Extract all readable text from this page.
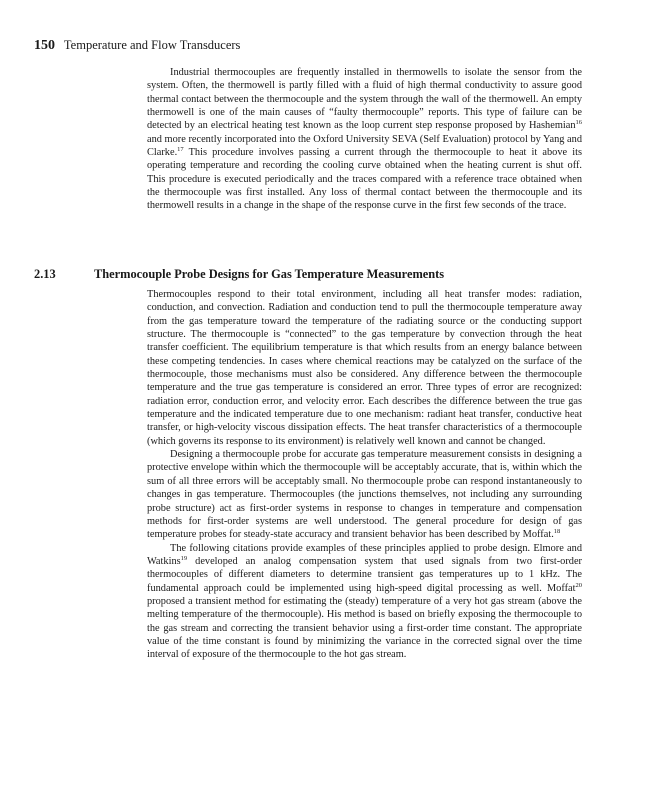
150 Temperature and Flow Transducers

Industrial thermocouples are frequently installed in thermowells to isolate the sensor from the system. Often, the thermowell is partly filled with a fluid of high thermal conductivity to assure good thermal contact between the thermocouple and the system through the wall of the thermowell. An empty thermowell is one of the main causes of “faulty thermocouple” reports. This type of failure can be detected by an electrical heating test known as the loop current step response proposed by Hashemian$^{16}$ and more recently incorporated into the Oxford University SEVA (Self Evaluation) protocol by Yang and Clarke.$^{17}$ This procedure involves passing a current through the thermocouple to heat it above its operating temperature and recording the cooling curve obtained when the heating current is shut off. This procedure is executed periodically and the traces compared with a reference trace obtained when the thermocouple was first installed. Any loss of thermal contact between the thermocouple and its thermowell results in a change in the shape of the response curve in the first few seconds of the trace.

2.13	Thermocouple Probe Designs for Gas Temperature Measurements

Thermocouples respond to their total environment, including all heat transfer modes: radiation, conduction, and convection. Radiation and conduction tend to pull the thermocouple temperature away from the gas temperature toward the temperature of the radiating source or the conducting support structure. The thermocouple is “connected” to the gas temperature by convection through the heat transfer coefficient. The equilibrium temperature is that which results from an energy balance between these competing tendencies. In cases where chemical reactions may be catalyzed on the surface of the thermocouple, those mechanisms must also be considered. Any difference between the thermocouple temperature and the true gas temperature is considered an error. Three types of error are recognized: radiation error, conduction error, and velocity error. Each describes the difference between the true gas temperature and the indicated temperature due to one mechanism: radiant heat transfer, conductive heat transfer, or high-velocity viscous dissipation effects. The heat transfer characteristics of a thermocouple (which governs its response to its environment) is relatively well known and cannot be changed.

Designing a thermocouple probe for accurate gas temperature measurement consists in designing a protective envelope within which the thermocouple will be acceptably accurate, that is, within which the sum of all three errors will be acceptably small. No thermocouple probe can respond instantaneously to changes in gas temperature. Thermocouples (the junctions themselves, not including any surrounding probe structure) act as first-order systems in response to changes in temperature and compensation methods for first-order systems are well understood. The general procedure for design of gas temperature probes for steady-state accuracy and transient behavior has been described by Moffat.$^{18}$

The following citations provide examples of these principles applied to probe design. Elmore and Watkins$^{19}$ developed an analog compensation system that used signals from two first-order thermocouples of different diameters to determine transient gas temperatures up to 1 kHz. The fundamental approach could be implemented using high-speed digital processing as well. Moffat$^{20}$ proposed a transient method for estimating the (steady) temperature of a very hot gas stream (above the melting temperature of the thermocouple). His method is based on briefly exposing the thermocouple to the gas stream and correcting the transient behavior using a first-order time constant. The appropriate value of the time constant is found by minimizing the variance in the corrected signal over the time interval of exposure of the thermocouple to the hot gas stream.
